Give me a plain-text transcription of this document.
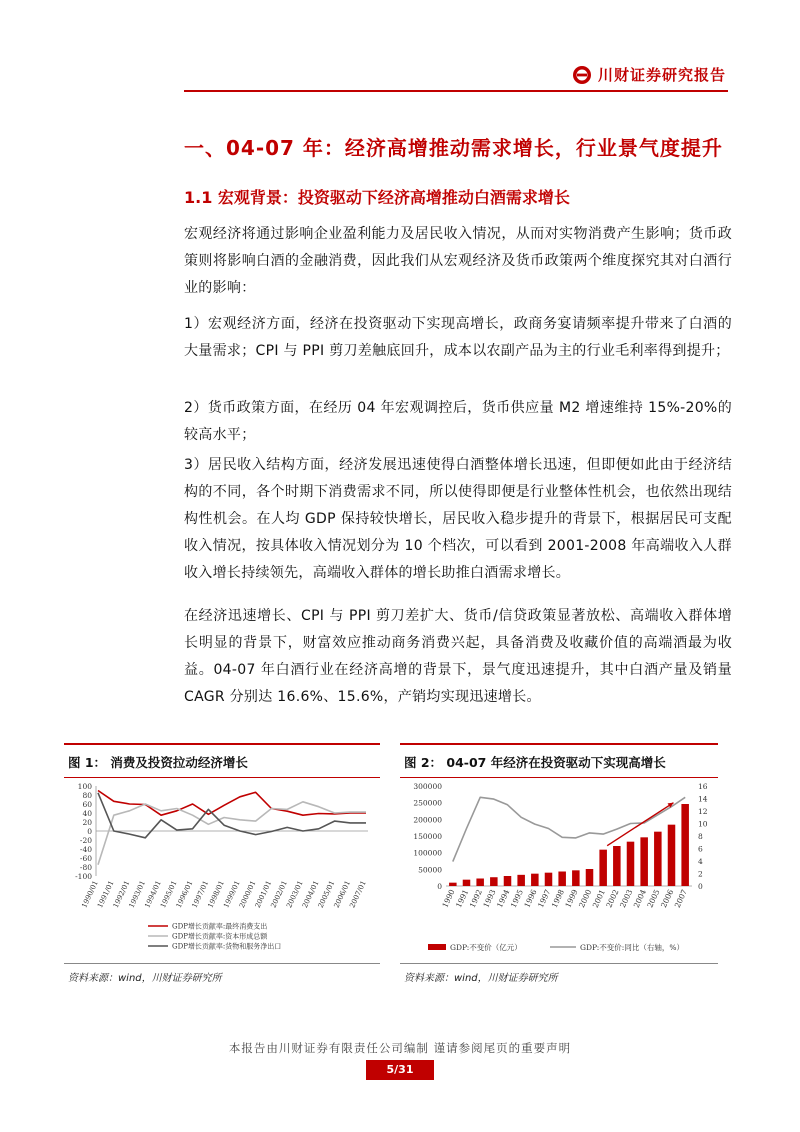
川财证券研究报告
一、04-07 年：经济高增推动需求增长，行业景气度提升
1.1 宏观背景：投资驱动下经济高增推动白酒需求增长
宏观经济将通过影响企业盈利能力及居民收入情况，从而对实物消费产生影响；货币政策则将影响白酒的金融消费，因此我们从宏观经济及货币政策两个维度探究其对白酒行业的影响：
1）宏观经济方面，经济在投资驱动下实现高增长，政商务宴请频率提升带来了白酒的大量需求；CPI 与 PPI 剪刀差触底回升，成本以农副产品为主的行业毛利率得到提升；
2）货币政策方面，在经历 04 年宏观调控后，货币供应量 M2 增速维持 15%-20%的较高水平；
3）居民收入结构方面，经济发展迅速使得白酒整体增长迅速，但即便如此由于经济结构的不同，各个时期下消费需求不同，所以使得即便是行业整体性机会，也依然出现结构性机会。在人均 GDP 保持较快增长，居民收入稳步提升的背景下，根据居民可支配收入情况，按具体收入情况划分为 10 个档次，可以看到 2001-2008 年高端收入人群收入增长持续领先，高端收入群体的增长助推白酒需求增长。
在经济迅速增长、CPI 与 PPI 剪刀差扩大、货币/信贷政策显著放松、高端收入群体增长明显的背景下，财富效应推动商务消费兴起，具备消费及收藏价值的高端酒最为收益。04-07 年白酒行业在经济高增的背景下，景气度迅速提升，其中白酒产量及销量 CAGR 分别达 16.6%、15.6%，产销均实现迅速增长。
图 1： 消费及投资拉动经济增长
100
80
60
40
20
0
-20
-40
-60
-80
-100
1990/01
1991/01
1992/01
1993/01
1994/01
1995/01
1996/01
1997/01
1998/01
1999/01
2000/01
2001/01
2002/01
2003/01
2004/01
2005/01
2006/01
2007/01
GDP增长贡献率:最终消费支出
GDP增长贡献率:资本形成总额
GDP增长贡献率:货物和服务净出口
资料来源：wind，川财证券研究所
图 2： 04-07 年经济在投资驱动下实现高增长
0
50000
100000
150000
200000
250000
300000
0
2
4
6
8
10
12
14
16
1990
1991
1992
1993
1994
1995
1996
1997
1998
1999
2000
2001
2002
2003
2004
2005
2006
2007
GDP:不变价（亿元）	GDP:不变价:同比（右轴，%）
资料来源：wind，川财证券研究所
本报告由川财证券有限责任公司编制 谨请参阅尾页的重要声明
5/31
